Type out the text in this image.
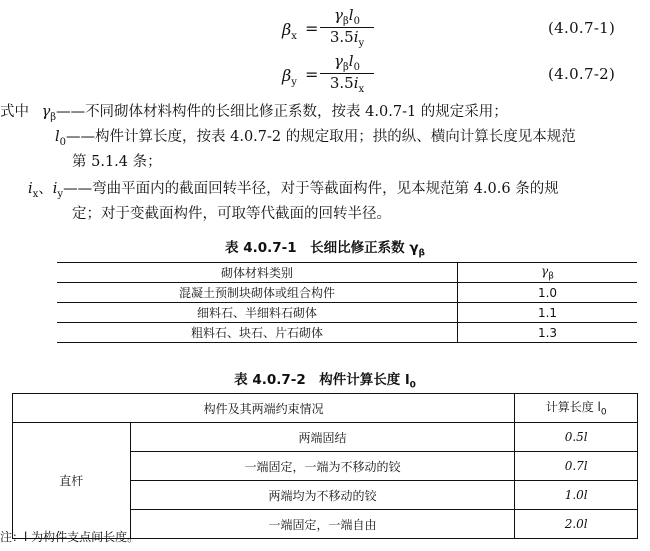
$\beta_x$ =
$\gamma_\beta l_0$
$3.5i_y$
(4.0.7-1)
$\beta_y$ =
$\gamma_\beta l_0$
$3.5i_x$
(4.0.7-2)
式中 $\gamma_\beta——$不同砌体材料构件的长细比修正系数，按表 4.0.7-1 的规定采用；
$l_0——$构件计算长度，按表 4.0.7-2 的规定取用；拱的纵、横向计算长度见本规范
第 5.1.4 条；
$i_x$、$i_y——$弯曲平面内的截面回转半径，对于等截面构件，见本规范第 4.0.6 条的规
定；对于变截面构件，可取等代截面的回转半径。
表 4.0.7-1　长细比修正系数 $\gamma_\beta$
砌体材料类别	$\gamma_\beta$
混凝土预制块砌体或组合构件	1.0
细料石、半细料石砌体	1.1
粗料石、块石、片石砌体	1.3
表 4.0.7-2　构件计算长度 $l_0$
构件及其两端约束情况		计算长度 $l_0$
直杆	两端固结	0.5l
	一端固定，一端为不移动的铰	0.7l
	两端均为不移动的铰	1.0l
	一端固定，一端自由	2.0l
注：l 为构件支点间长度。
